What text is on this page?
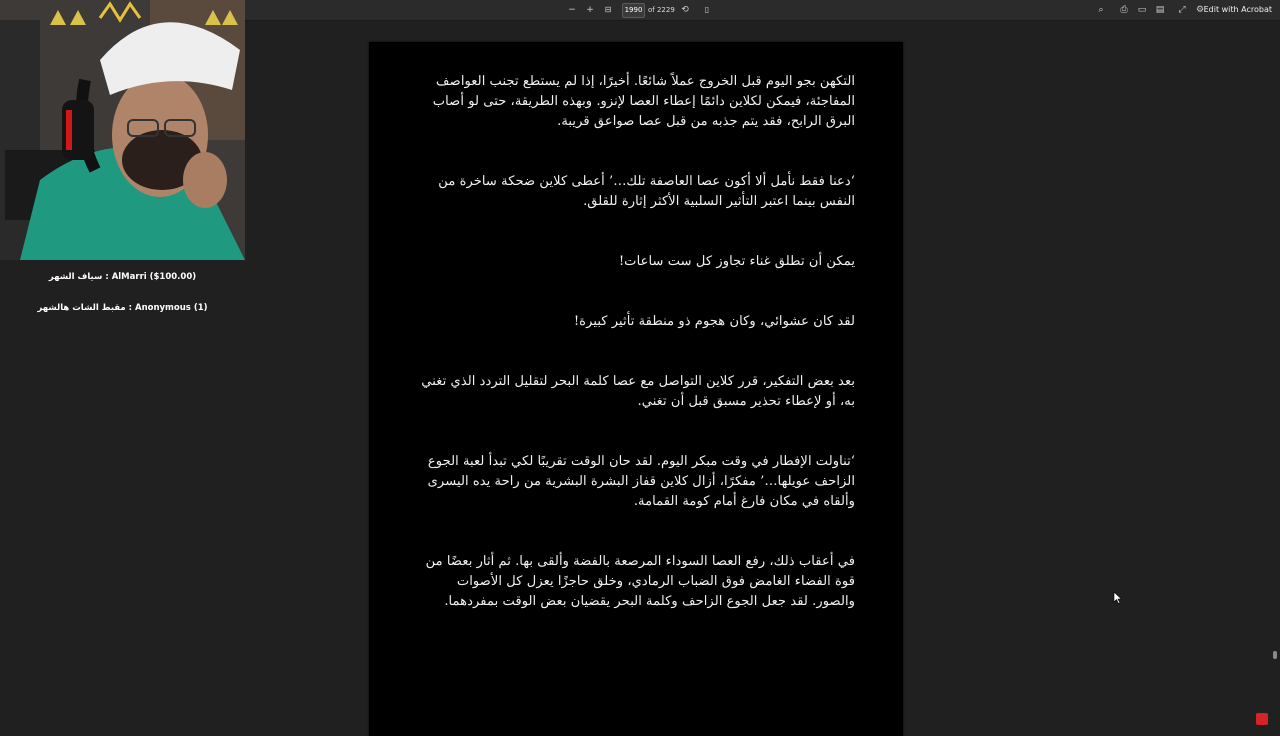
−	+	⊟	1990 of 2229 ⟲	▯	⌕	⎙	▭	▤	⤢	⚙ Edit with Acrobat
التكهن بجو اليوم قبل الخروج عملاً شائعًا. أخيرًا، إذا لم يستطع تجنب العواصف المفاجئة، فيمكن لكلاين دائمًا إعطاء العصا لإنزو. وبهذه الطريقة، حتى لو أصاب البرق الرابح، فقد يتم جذبه من قبل عصا صواعق قريبة.
‘دعنا فقط نأمل ألا أكون عصا العاصفة تلك…’ أعطى كلاين ضحكة ساخرة من النفس بينما اعتبر التأثير السلبية الأكثر إثارة للقلق.
يمكن أن تطلق غناء تجاوز كل ست ساعات!
لقد كان عشوائي، وكان هجوم ذو منطقة تأثير كبيرة!
بعد بعض التفكير، قرر كلاين التواصل مع عصا كلمة البحر لتقليل التردد الذي تغني به، أو لإعطاء تحذير مسبق قبل أن تغني.
‘تناولت الإفطار في وقت مبكر اليوم. لقد حان الوقت تقريبًا لكي تبدأ لعبة الجوع الزاحف عويلها…’ مفكرًا، أزال كلاين قفاز البشرة البشرية من راحة يده اليسرى وألقاه في مكان فارغ أمام كومة القمامة.
في أعقاب ذلك، رفع العصا السوداء المرصعة بالفضة وألقى بها. ثم أثار بعضًا من قوة الفضاء الغامض فوق الضباب الرمادي، وخلق حاجزًا يعزل كل الأصوات والصور. لقد جعل الجوع الزاحف وكلمة البحر يقضيان بعض الوقت بمفردهما.
سياف الشهر : AlMarri ($100.00)
مقبط الشات هالشهر : Anonymous (1)
